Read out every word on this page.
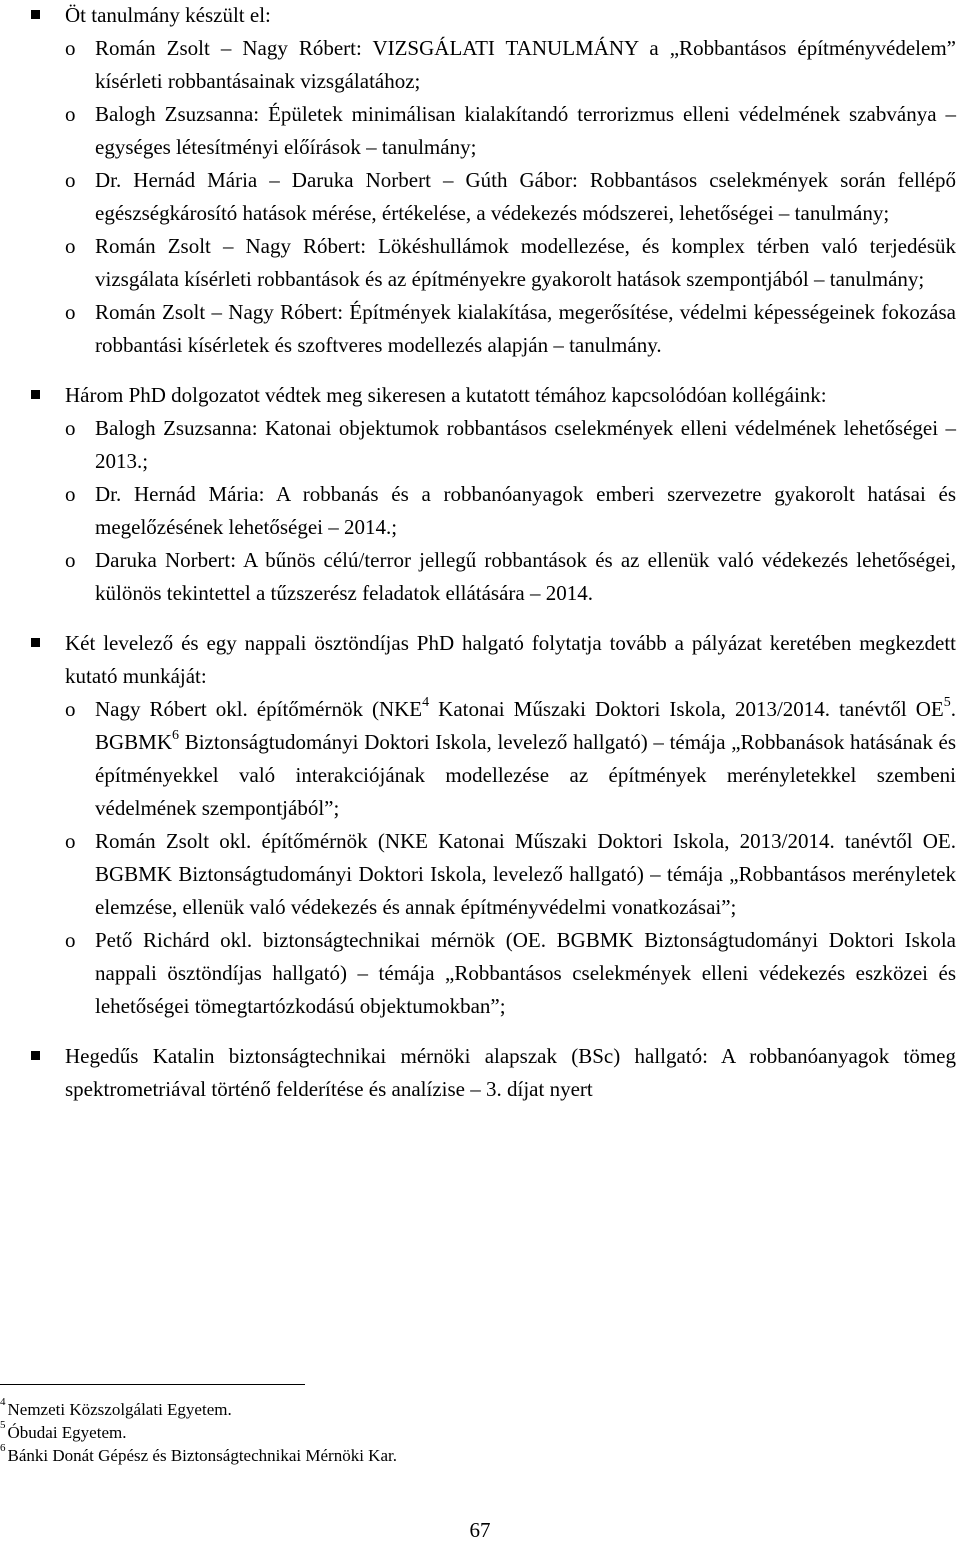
Öt tanulmány készült el:
o Román Zsolt – Nagy Róbert: VIZSGÁLATI TANULMÁNY a „Robbantásos építményvédelem” kísérleti robbantásainak vizsgálatához;
o Balogh Zsuzsanna: Épületek minimálisan kialakítandó terrorizmus elleni védelmének szabványa – egységes létesítményi előírások – tanulmány;
o Dr. Hernád Mária – Daruka Norbert – Gúth Gábor: Robbantásos cselekmények során fellépő egészségkárosító hatások mérése, értékelése, a védekezés módszerei, lehetőségei – tanulmány;
o Román Zsolt – Nagy Róbert: Lökéshullámok modellezése, és komplex térben való terjedésük vizsgálata kísérleti robbantások és az építményekre gyakorolt hatások szempontjából – tanulmány;
o Román Zsolt – Nagy Róbert: Építmények kialakítása, megerősítése, védelmi képességeinek fokozása robbantási kísérletek és szoftveres modellezés alapján – tanulmány.
Három PhD dolgozatot védtek meg sikeresen a kutatott témához kapcsolódóan kollégáink:
o Balogh Zsuzsanna: Katonai objektumok robbantásos cselekmények elleni védelmének lehetőségei – 2013.;
o Dr. Hernád Mária: A robbanás és a robbanóanyagok emberi szervezetre gyakorolt hatásai és megelőzésének lehetőségei – 2014.;
o Daruka Norbert: A bűnös célú/terror jellegű robbantások és az ellenük való védekezés lehetőségei, különös tekintettel a tűzszerész feladatok ellátására – 2014.
Két levelező és egy nappali ösztöndíjas PhD halgató folytatja tovább a pályázat keretében megkezdett kutató munkáját:
o Nagy Róbert okl. építőmérnök (NKE$^4$ Katonai Műszaki Doktori Iskola, 2013/2014. tanévtől $OE^5$. BGBMK$^6$ Biztonságtudományi Doktori Iskola, levelező hallgató) – témája „Robbanások hatásának és építményekkel való interakciójának modellezése az építmények merényletekkel szembeni védelmének szempontjából”;
o Román Zsolt okl. építőmérnök (NKE Katonai Műszaki Doktori Iskola, 2013/2014. tanévtől OE. BGBMK Biztonságtudományi Doktori Iskola, levelező hallgató) – témája „Robbantásos merényletek elemzése, ellenük való védekezés és annak építményvédelmi vonatkozásai”;
o Pető Richárd okl. biztonságtechnikai mérnök (OE. BGBMK Biztonságtudományi Doktori Iskola nappali ösztöndíjas hallgató) – témája „Robbantásos cselekmények elleni védekezés eszközei és lehetőségei tömegtartózkodású objektumokban”;
Hegedűs Katalin biztonságtechnikai mérnöki alapszak (BSc) hallgató: A robbanóanyagok tömeg spektrometriával történő felderítése és analízise – 3. díjat nyert
$^4$ Nemzeti Közszolgálati Egyetem.
$^5$ Óbudai Egyetem.
$^6$ Bánki Donát Gépész és Biztonságtechnikai Mérnöki Kar.
67
